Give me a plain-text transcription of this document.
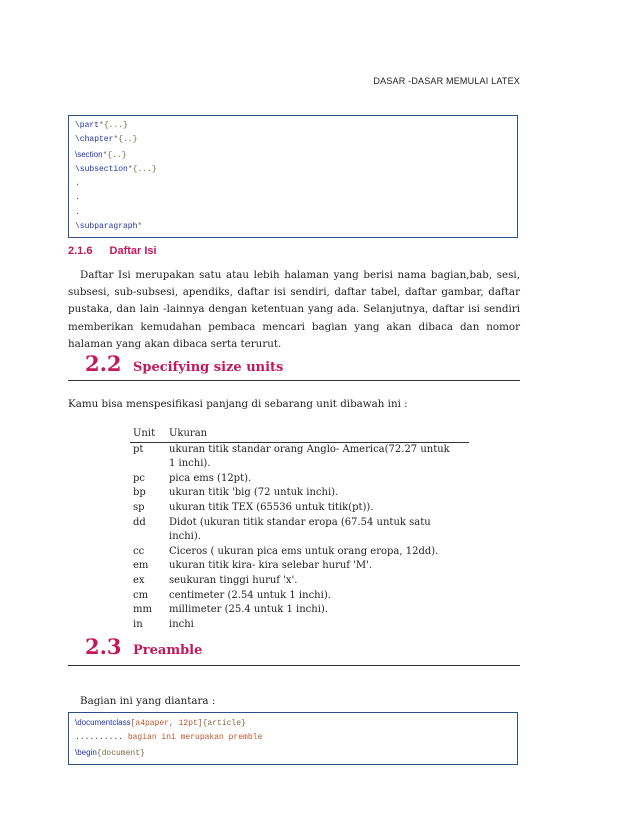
DASAR -DASAR MEMULAI LATEX
\part*{...}
\chapter*{..}
\section*{..}
\subsection*{...}
.
.
.
\subparagraph*
2.1.6 Daftar Isi
Daftar Isi merupakan satu atau lebih halaman yang berisi nama bagian,bab, sesi, subsesi, sub-subsesi, apendiks, daftar isi sendiri, daftar tabel, daftar gambar, daftar pustaka, dan lain -lainnya dengan ketentuan yang ada. Selanjutnya, daftar isi sendiri memberikan kemudahan pembaca mencari bagian yang akan dibaca dan nomor halaman yang akan dibaca serta terurut.
2.2 Specifying size units
Kamu bisa menspesifikasi panjang di sebarang unit dibawah ini :
Unit	Ukuran
pt	ukuran titik standar orang Anglo- America(72.27 untuk 1 inchi).
pc	pica ems (12pt).
bp	ukuran titik 'big (72 untuk inchi).
sp	ukuran titik TEX (65536 untuk titik(pt)).
dd	Didot (ukuran titik standar eropa (67.54 untuk satu inchi).
cc	Ciceros ( ukuran pica ems untuk orang eropa, 12dd).
em	ukuran titik kira- kira selebar huruf 'M'.
ex	seukuran tinggi huruf 'x'.
cm	centimeter (2.54 untuk 1 inchi).
mm	millimeter (25.4 untuk 1 inchi).
in	inchi
2.3 Preamble
Bagian ini yang diantara :
\documentclass[a4paper, 12pt]{article}
.......... bagian ini merupakan premble
\begin{document}
